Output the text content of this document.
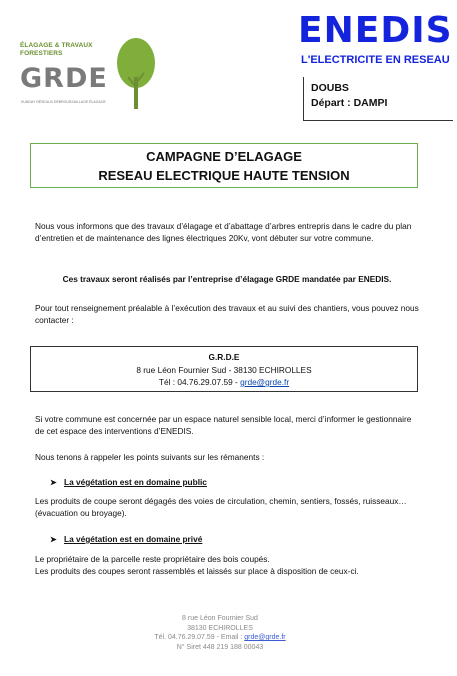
ÉLAGAGE & TRAVAUX FORESTIERS
GRDE
SUNDAY RÉSEAUX DÉBROUSSAILLAGE ÉLAGAGE
ENEDIS
L'ELECTRICITE EN RESEAU
DOUBS
Départ : DAMPI
CAMPAGNE D’ELAGAGE
RESEAU ELECTRIQUE HAUTE TENSION
Nous vous informons que des travaux d’élagage et d’abattage d’arbres entrepris dans le cadre du plan d’entretien et de maintenance des lignes électriques 20Kv, vont débuter sur votre commune.
Ces travaux seront réalisés par l’entreprise d’élagage GRDE mandatée par ENEDIS.
Pour tout renseignement préalable à l’exécution des travaux et au suivi des chantiers, vous pouvez nous contacter :
G.R.D.E
8 rue Léon Fournier Sud - 38130 ECHIROLLES
Tél : 04.76.29.07.59 - grde@grde.fr
Si votre commune est concernée par un espace naturel sensible local, merci d’informer le gestionnaire de cet espace des interventions d’ENEDIS.
Nous tenons à rappeler les points suivants sur les rémanents :
➤ La végétation est en domaine public
Les produits de coupe seront dégagés des voies de circulation, chemin, sentiers, fossés, ruisseaux… (évacuation ou broyage).
➤ La végétation est en domaine privé
Le propriétaire de la parcelle reste propriétaire des bois coupés.
Les produits des coupes seront rassemblés et laissés sur place à disposition de ceux-ci.
8 rue Léon Fournier Sud
38130 ECHIROLLES
Tél. 04.76.29.07.59 - Email : grde@grde.fr
N° Siret 448 219 188 00043
